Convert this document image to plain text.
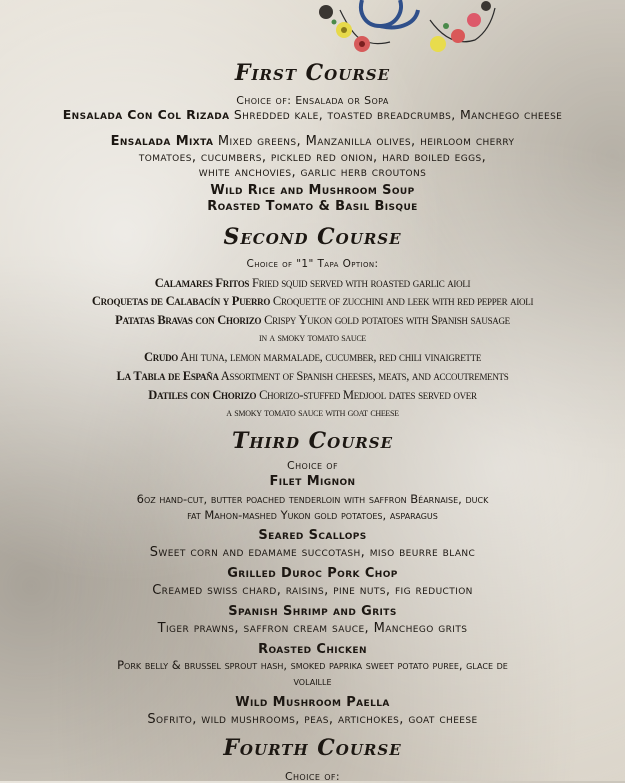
First Course
Choice of: Ensalada or Sopa
Ensalada Con Col Rizada Shredded kale, toasted breadcrumbs, Manchego cheese
Ensalada Mixta Mixed greens, Manzanilla olives, heirloom cherry
tomatoes, cucumbers, pickled red onion, hard boiled eggs,
white anchovies, garlic herb croutons
Wild Rice and Mushroom Soup
Roasted Tomato & Basil Bisque
Second Course
Choice of "1" Tapa Option:
Calamares Fritos Fried squid served with roasted garlic aioli
Croquetas de Calabacín y Puerro Croquette of zucchini and leek with red pepper aioli
Patatas Bravas con Chorizo Crispy Yukon gold potatoes with Spanish sausage
in a smoky tomato sauce
Crudo Ahi tuna, lemon marmalade, cucumber, red chili vinaigrette
La Tabla de España Assortment of Spanish cheeses, meats, and accoutrements
Datiles con Chorizo Chorizo-stuffed Medjool dates served over
a smoky tomato sauce with goat cheese
Third Course
Choice of
Filet Mignon
6oz hand-cut, butter poached tenderloin with saffron Béarnaise, duck
fat Mahon-mashed Yukon gold potatoes, asparagus
Seared Scallops
Sweet corn and edamame succotash, miso beurre blanc
Grilled Duroc Pork Chop
Creamed swiss chard, raisins, pine nuts, fig reduction
Spanish Shrimp and Grits
Tiger prawns, saffron cream sauce, Manchego grits
Roasted Chicken
Pork belly & brussel sprout hash, smoked paprika sweet potato puree, glace de
volaille
Wild Mushroom Paella
Sofrito, wild mushrooms, peas, artichokes, goat cheese
Fourth Course
Choice of:
